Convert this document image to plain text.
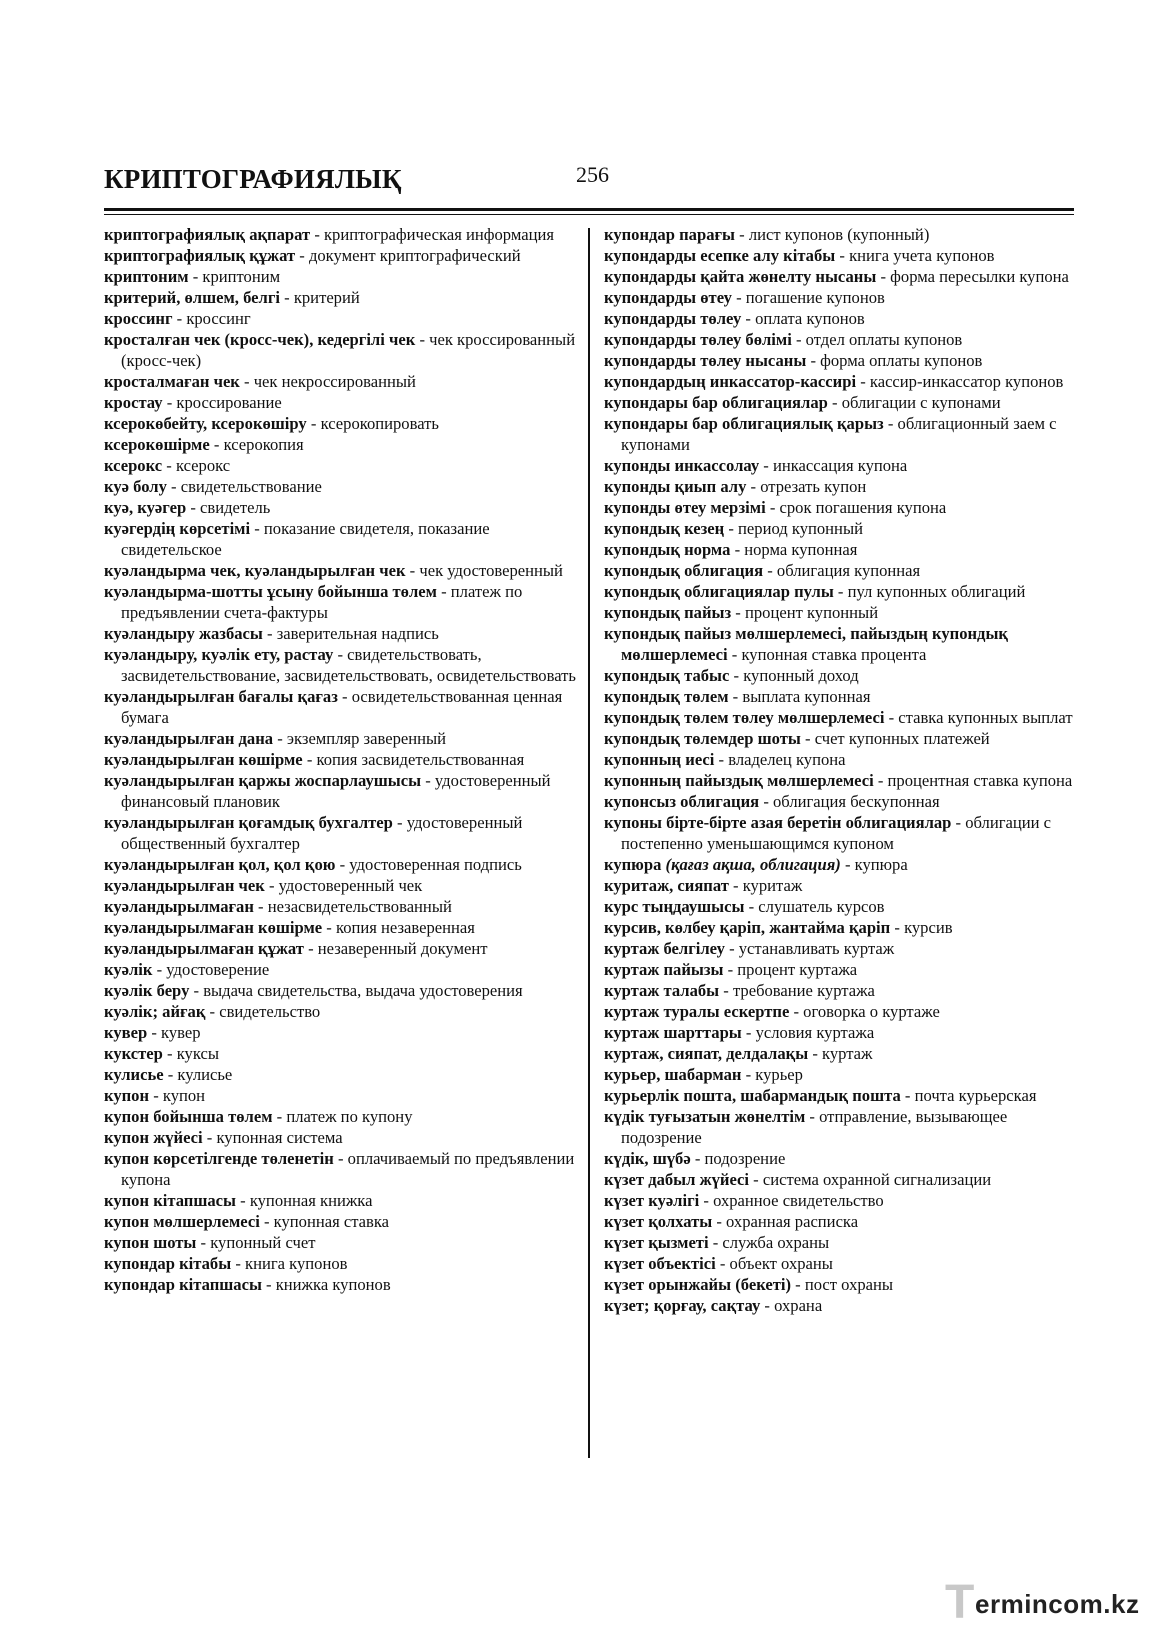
КРИПТОГРАФИЯЛЫҚ	256

криптографиялық ақпарат - криптографическая информация

криптографиялық құжат - документ криптографический

криптоним - криптоним

критерий, өлшем, белгі - критерий

кроссинг - кроссинг

кросталған чек (кросс-чек), кедергілі чек - чек кроссированный (кросс-чек)

кросталмаған чек - чек некроссированный

кростау - кроссирование

ксерокөбейту, ксерокөшіру - ксерокопировать

ксерокөшірме - ксерокопия

ксерокс - ксерокс

куә болу - свидетельствование

куә, куәгер - свидетель

куәгердің көрсетімі - показание свидетеля, показание свидетельское

куәландырма чек, куәландырылған чек - чек удостоверенный

куәландырма-шотты ұсыну бойынша төлем - платеж по предъявлении счета-фактуры

куәландыру жазбасы - заверительная надпись

куәландыру, куәлік ету, растау - свидетельствовать, засвидетельствование, засвидетельствовать, освидетельствовать

куәландырылған бағалы қағаз - освидетельствованная ценная бумага

куәландырылған дана - экземпляр заверенный

куәландырылған көшірме - копия засвидетельствованная

куәландырылған қаржы жоспарлаушысы - удостоверенный финансовый плановик

куәландырылған қоғамдық бухгалтер - удостоверенный общественный бухгалтер

куәландырылған қол, қол қою - удостоверенная подпись

куәландырылған чек - удостоверенный чек

куәландырылмаған - незасвидетельствованный

куәландырылмаған көшірме - копия незаверенная

куәландырылмаған құжат - незаверенный документ

куәлік - удостоверение

куәлік беру - выдача свидетельства, выдача удостоверения

куәлік; айғақ - свидетельство

кувер - кувер

кукстер - куксы

кулисье - кулисье

купон - купон

купон бойынша төлем - платеж по купону

купон жүйесі - купонная система

купон көрсетілгенде төленетін - оплачиваемый по предъявлении купона

купон кітапшасы - купонная книжка

купон мөлшерлемесі - купонная ставка

купон шоты - купонный счет

купондар кітабы - книга купонов

купондар кітапшасы - книжка купонов

купондар парағы - лист купонов (купонный)

купондарды есепке алу кітабы - книга учета купонов

купондарды қайта жөнелту нысаны - форма пересылки купона

купондарды өтеу - погашение купонов

купондарды төлеу - оплата купонов

купондарды төлеу бөлімі - отдел оплаты купонов

купондарды төлеу нысаны - форма оплаты купонов

купондардың инкассатор-кассирі - кассир-инкассатор купонов

купондары бар облигациялар - облигации с купонами

купондары бар облигациялық қарыз - облигационный заем с купонами

купонды инкассолау - инкассация купона

купонды қиып алу - отрезать купон

купонды өтеу мерзімі - срок погашения купона

купондық кезең - период купонный

купондық норма - норма купонная

купондық облигация - облигация купонная

купондық облигациялар пулы - пул купонных облигаций

купондық пайыз - процент купонный

купондық пайыз мөлшерлемесі, пайыздың купондық мөлшерлемесі - купонная ставка процента

купондық табыс - купонный доход

купондық төлем - выплата купонная

купондық төлем төлеу мөлшерлемесі - ставка купонных выплат

купондық төлемдер шоты - счет купонных платежей

купонның иесі - владелец купона

купонның пайыздық мөлшерлемесі - процентная ставка купона

купонсыз облигация - облигация бескупонная

купоны бірте-бірте азая беретін облигациялар - облигации с постепенно уменьшающимся купоном

купюра (қағаз ақша, облигация) - купюра

куритаж, сияпат - куритаж

курс тыңдаушысы - слушатель курсов

курсив, көлбеу қаріп, жантайма қаріп - курсив

куртаж белгілеу - устанавливать куртаж

куртаж пайызы - процент куртажа

куртаж талабы - требование куртажа

куртаж туралы ескертпе - оговорка о куртаже

куртаж шарттары - условия куртажа

куртаж, сияпат, делдалақы - куртаж

курьер, шабарман - курьер

курьерлік пошта, шабармандық пошта - почта курьерская

күдік туғызатын жөнелтім - отправление, вызывающее подозрение

күдік, шүбә - подозрение

күзет дабыл жүйесі - система охранной сигнализации

күзет куәлігі - охранное свидетельство

күзет қолхаты - охранная расписка

күзет қызметі - служба охраны

күзет объектісі - объект охраны

күзет орынжайы (бекеті) - пост охраны

күзет; қорғау, сақтау - охрана

T ermincom.kz
